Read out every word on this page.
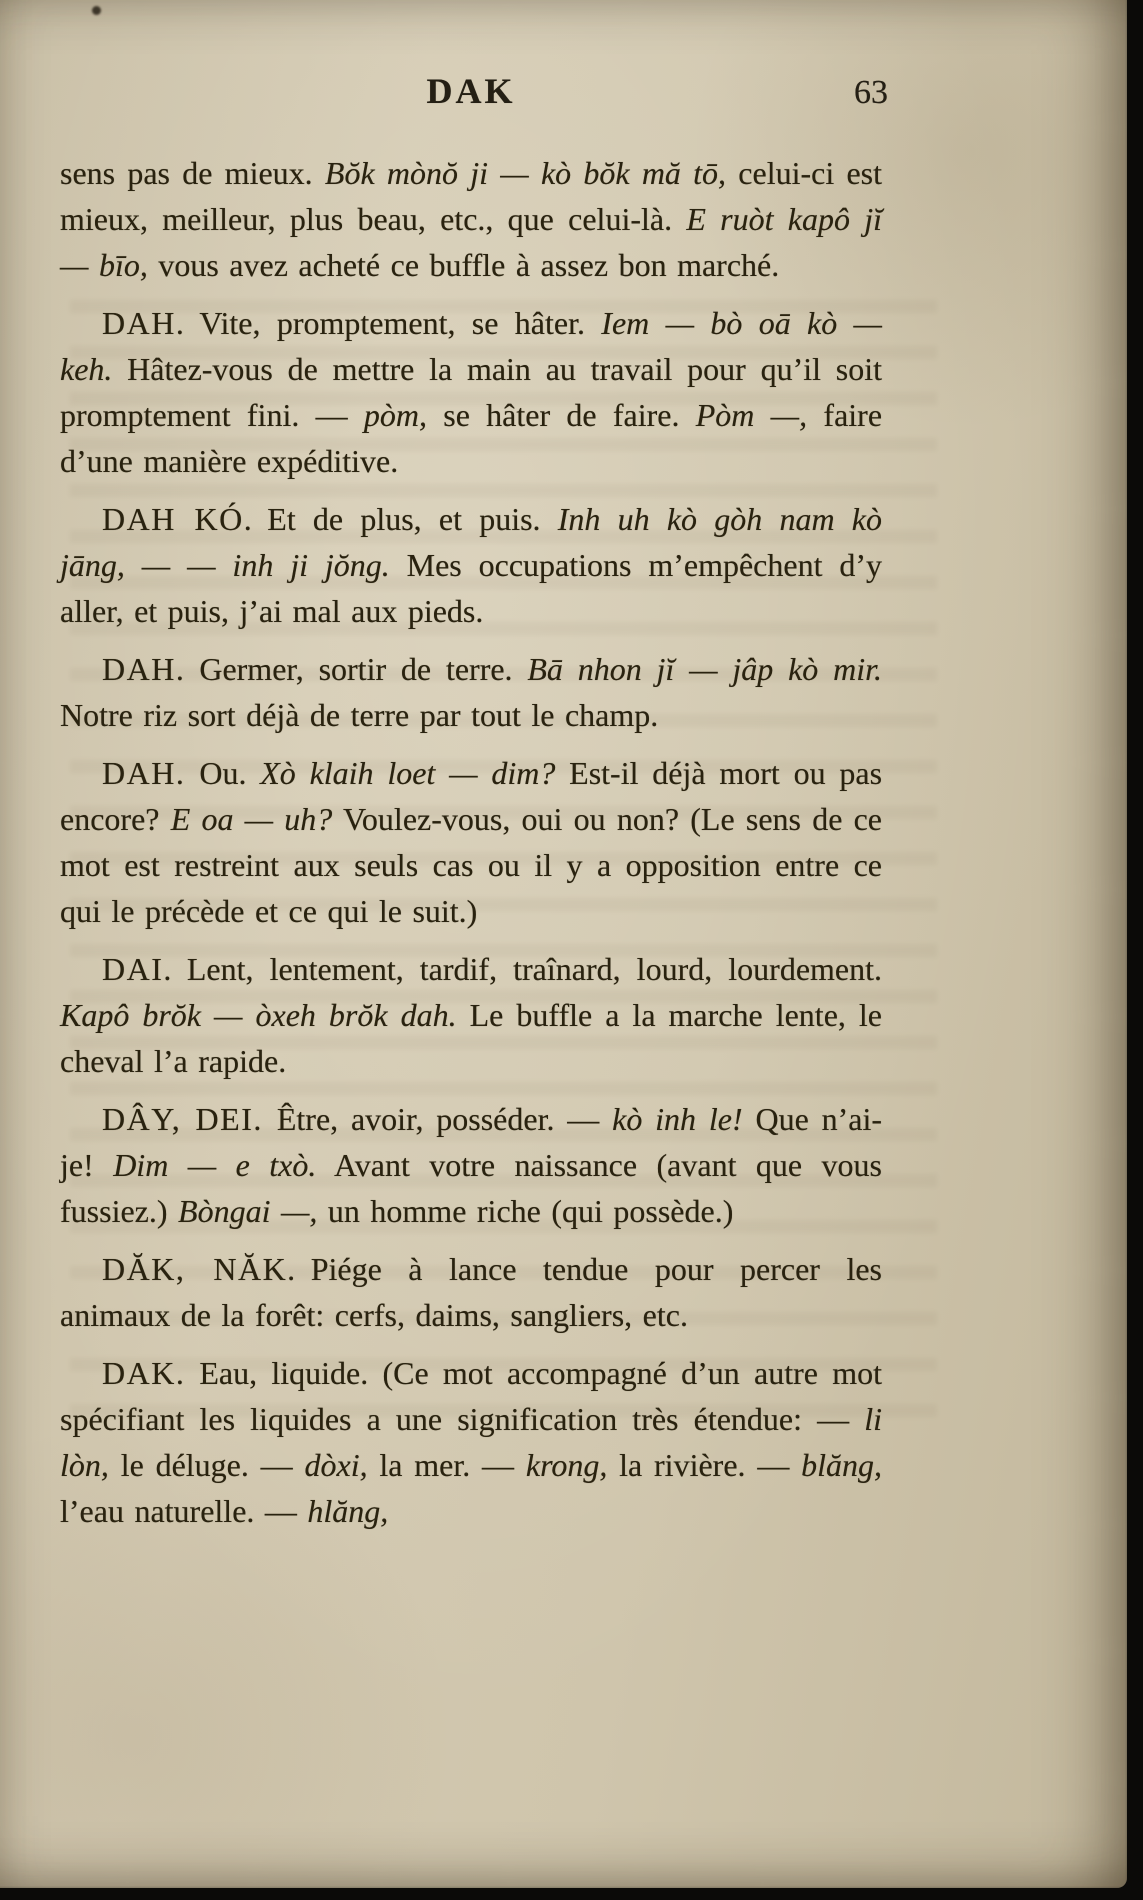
DAK	63

sens pas de mieux. Bŏk mònŏ ji — kò bŏk mă tō, celui-ci est mieux, meilleur, plus beau, etc., que celui-là. E ruòt kapô jĭ — bīo, vous avez acheté ce buffle à assez bon marché.

DAH. Vite, promptement, se hâter. Iem — bò oā kò — keh. Hâtez-vous de mettre la main au travail pour qu’il soit promptement fini. — pòm, se hâter de faire. Pòm —, faire d’une manière expéditive.

DAH KÓ. Et de plus, et puis. Inh uh kò gòh nam kò jāng, — — inh ji jŏng. Mes occupations m’empêchent d’y aller, et puis, j’ai mal aux pieds.

DAH. Germer, sortir de terre. Bā nhon jĭ — jâp kò mir. Notre riz sort déjà de terre par tout le champ.

DAH. Ou. Xò klaih loet — dim? Est-il déjà mort ou pas encore? E oa — uh? Voulez-vous, oui ou non? (Le sens de ce mot est restreint aux seuls cas ou il y a opposition entre ce qui le précède et ce qui le suit.)

DAI. Lent, lentement, tardif, traînard, lourd, lourdement. Kapô brŏk — òxeh brŏk dah. Le buffle a la marche lente, le cheval l’a rapide.

DÂY, DEI. Être, avoir, posséder. — kò inh le! Que n’ai-je! Dim — e txò. Avant votre naissance (avant que vous fussiez.) Bòngai —, un homme riche (qui possède.)

DĂK, NĂK. Piége à lance tendue pour percer les animaux de la forêt: cerfs, daims, sangliers, etc.

DAK. Eau, liquide. (Ce mot accompagné d’un autre mot spécifiant les liquides a une signification très étendue: — li lòn, le déluge. — dòxi, la mer. — krong, la rivière. — blăng, l’eau naturelle. — hlăng,
